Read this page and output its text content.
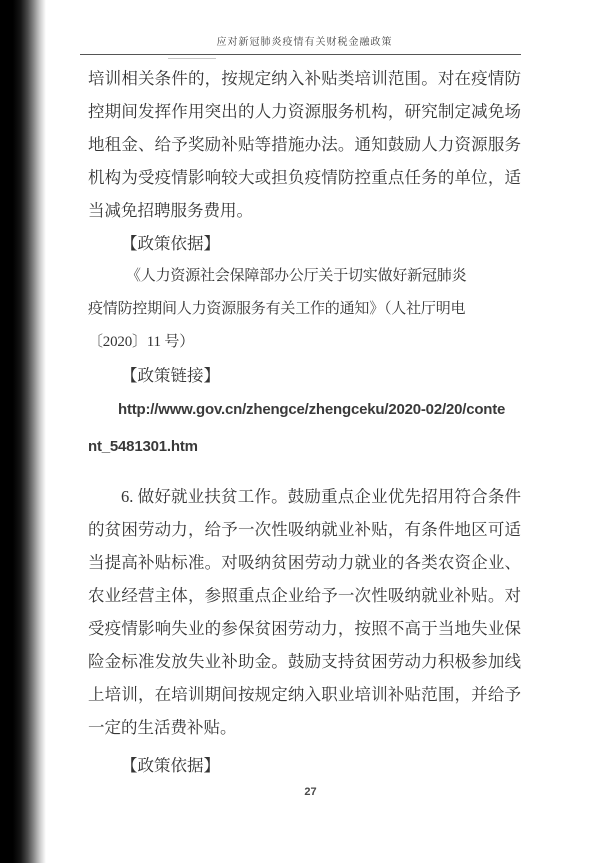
应对新冠肺炎疫情有关财税金融政策
培训相关条件的，按规定纳入补贴类培训范围。对在疫情防
控期间发挥作用突出的人力资源服务机构，研究制定减免场
地租金、给予奖励补贴等措施办法。通知鼓励人力资源服务
机构为受疫情影响较大或担负疫情防控重点任务的单位，适
当减免招聘服务费用。
【政策依据】
《人力资源社会保障部办公厅关于切实做好新冠肺炎
疫情防控期间人力资源服务有关工作的通知》（人社厅明电
〔2020〕11 号）
【政策链接】
http://www.gov.cn/zhengce/zhengceku/2020-02/20/conte
nt_5481301.htm
6. 做好就业扶贫工作。鼓励重点企业优先招用符合条件
的贫困劳动力，给予一次性吸纳就业补贴，有条件地区可适
当提高补贴标准。对吸纳贫困劳动力就业的各类农资企业、
农业经营主体，参照重点企业给予一次性吸纳就业补贴。对
受疫情影响失业的参保贫困劳动力，按照不高于当地失业保
险金标准发放失业补助金。鼓励支持贫困劳动力积极参加线
上培训，在培训期间按规定纳入职业培训补贴范围，并给予
一定的生活费补贴。
【政策依据】
27
